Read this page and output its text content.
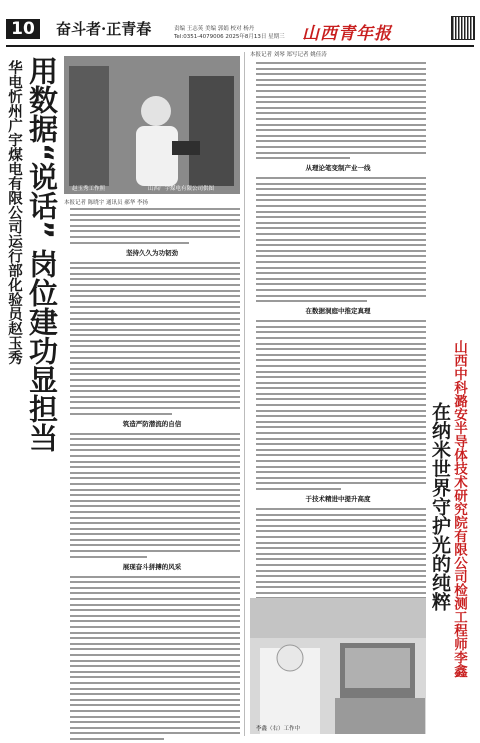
10	奋斗者·正青春	责编 王志英 美编 郭娟 校对 杨丹
Tel:0351-4079006 2025年8月13日 星期三 山西青年报
华电忻州广宇煤电有限公司运行部化验员赵玉秀 用数据“说话” 岗位建功显担当 赵玉秀工作照	山西广宇煤电有限公司供图
本报记者 陈晓宇 通讯员 郝华 李扬
坚持久久为功韧劲
筑造严防潜流的自信
展现奋斗拼搏的风采
本报记者 刘琴 郑写记者 姚佳涛
从理论笔变制产业一线
在数据洞庭中推定真理
于技术精进中提升高度	山西中科潞安半导体技术研究院有限公司检测工程师李鑫
在纳米世界守护光的纯粹
李鑫（右）工作中
